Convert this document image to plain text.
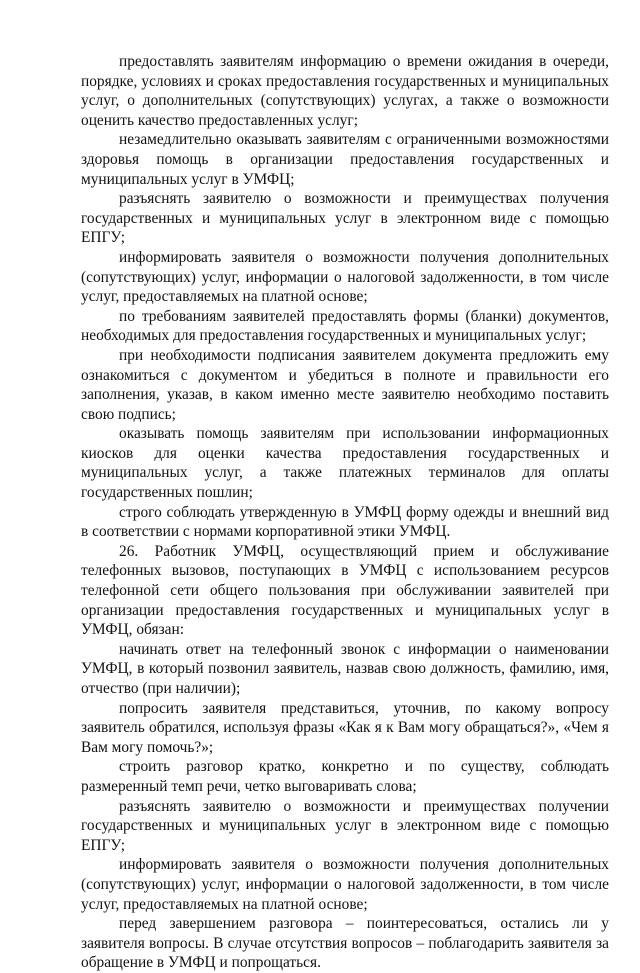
предоставлять заявителям информацию о времени ожидания в очереди, порядке, условиях и сроках предоставления государственных и муниципальных услуг, о дополнительных (сопутствующих) услугах, а также о возможности оценить качество предоставленных услуг;

незамедлительно оказывать заявителям с ограниченными возможностями здоровья помощь в организации предоставления государственных и муниципальных услуг в УМФЦ;

разъяснять заявителю о возможности и преимуществах получения государственных и муниципальных услуг в электронном виде с помощью ЕПГУ;

информировать заявителя о возможности получения дополнительных (сопутствующих) услуг, информации о налоговой задолженности, в том числе услуг, предоставляемых на платной основе;

по требованиям заявителей предоставлять формы (бланки) документов, необходимых для предоставления государственных и муниципальных услуг;

при необходимости подписания заявителем документа предложить ему ознакомиться с документом и убедиться в полноте и правильности его заполнения, указав, в каком именно месте заявителю необходимо поставить свою подпись;

оказывать помощь заявителям при использовании информационных киосков для оценки качества предоставления государственных и муниципальных услуг, а также платежных терминалов для оплаты государственных пошлин;

строго соблюдать утвержденную в УМФЦ форму одежды и внешний вид в соответствии с нормами корпоративной этики УМФЦ.

26. Работник УМФЦ, осуществляющий прием и обслуживание телефонных вызовов, поступающих в УМФЦ с использованием ресурсов телефонной сети общего пользования при обслуживании заявителей при организации предоставления государственных и муниципальных услуг в УМФЦ, обязан:

начинать ответ на телефонный звонок с информации о наименовании УМФЦ, в который позвонил заявитель, назвав свою должность, фамилию, имя, отчество (при наличии);

попросить заявителя представиться, уточнив, по какому вопросу заявитель обратился, используя фразы «Как я к Вам могу обращаться?», «Чем я Вам могу помочь?»;

строить разговор кратко, конкретно и по существу, соблюдать размеренный темп речи, четко выговаривать слова;

разъяснять заявителю о возможности и преимуществах получении государственных и муниципальных услуг в электронном виде с помощью ЕПГУ;

информировать заявителя о возможности получения дополнительных (сопутствующих) услуг, информации о налоговой задолженности, в том числе услуг, предоставляемых на платной основе;

перед завершением разговора – поинтересоваться, остались ли у заявителя вопросы. В случае отсутствия вопросов – поблагодарить заявителя за обращение в УМФЦ и попрощаться.
